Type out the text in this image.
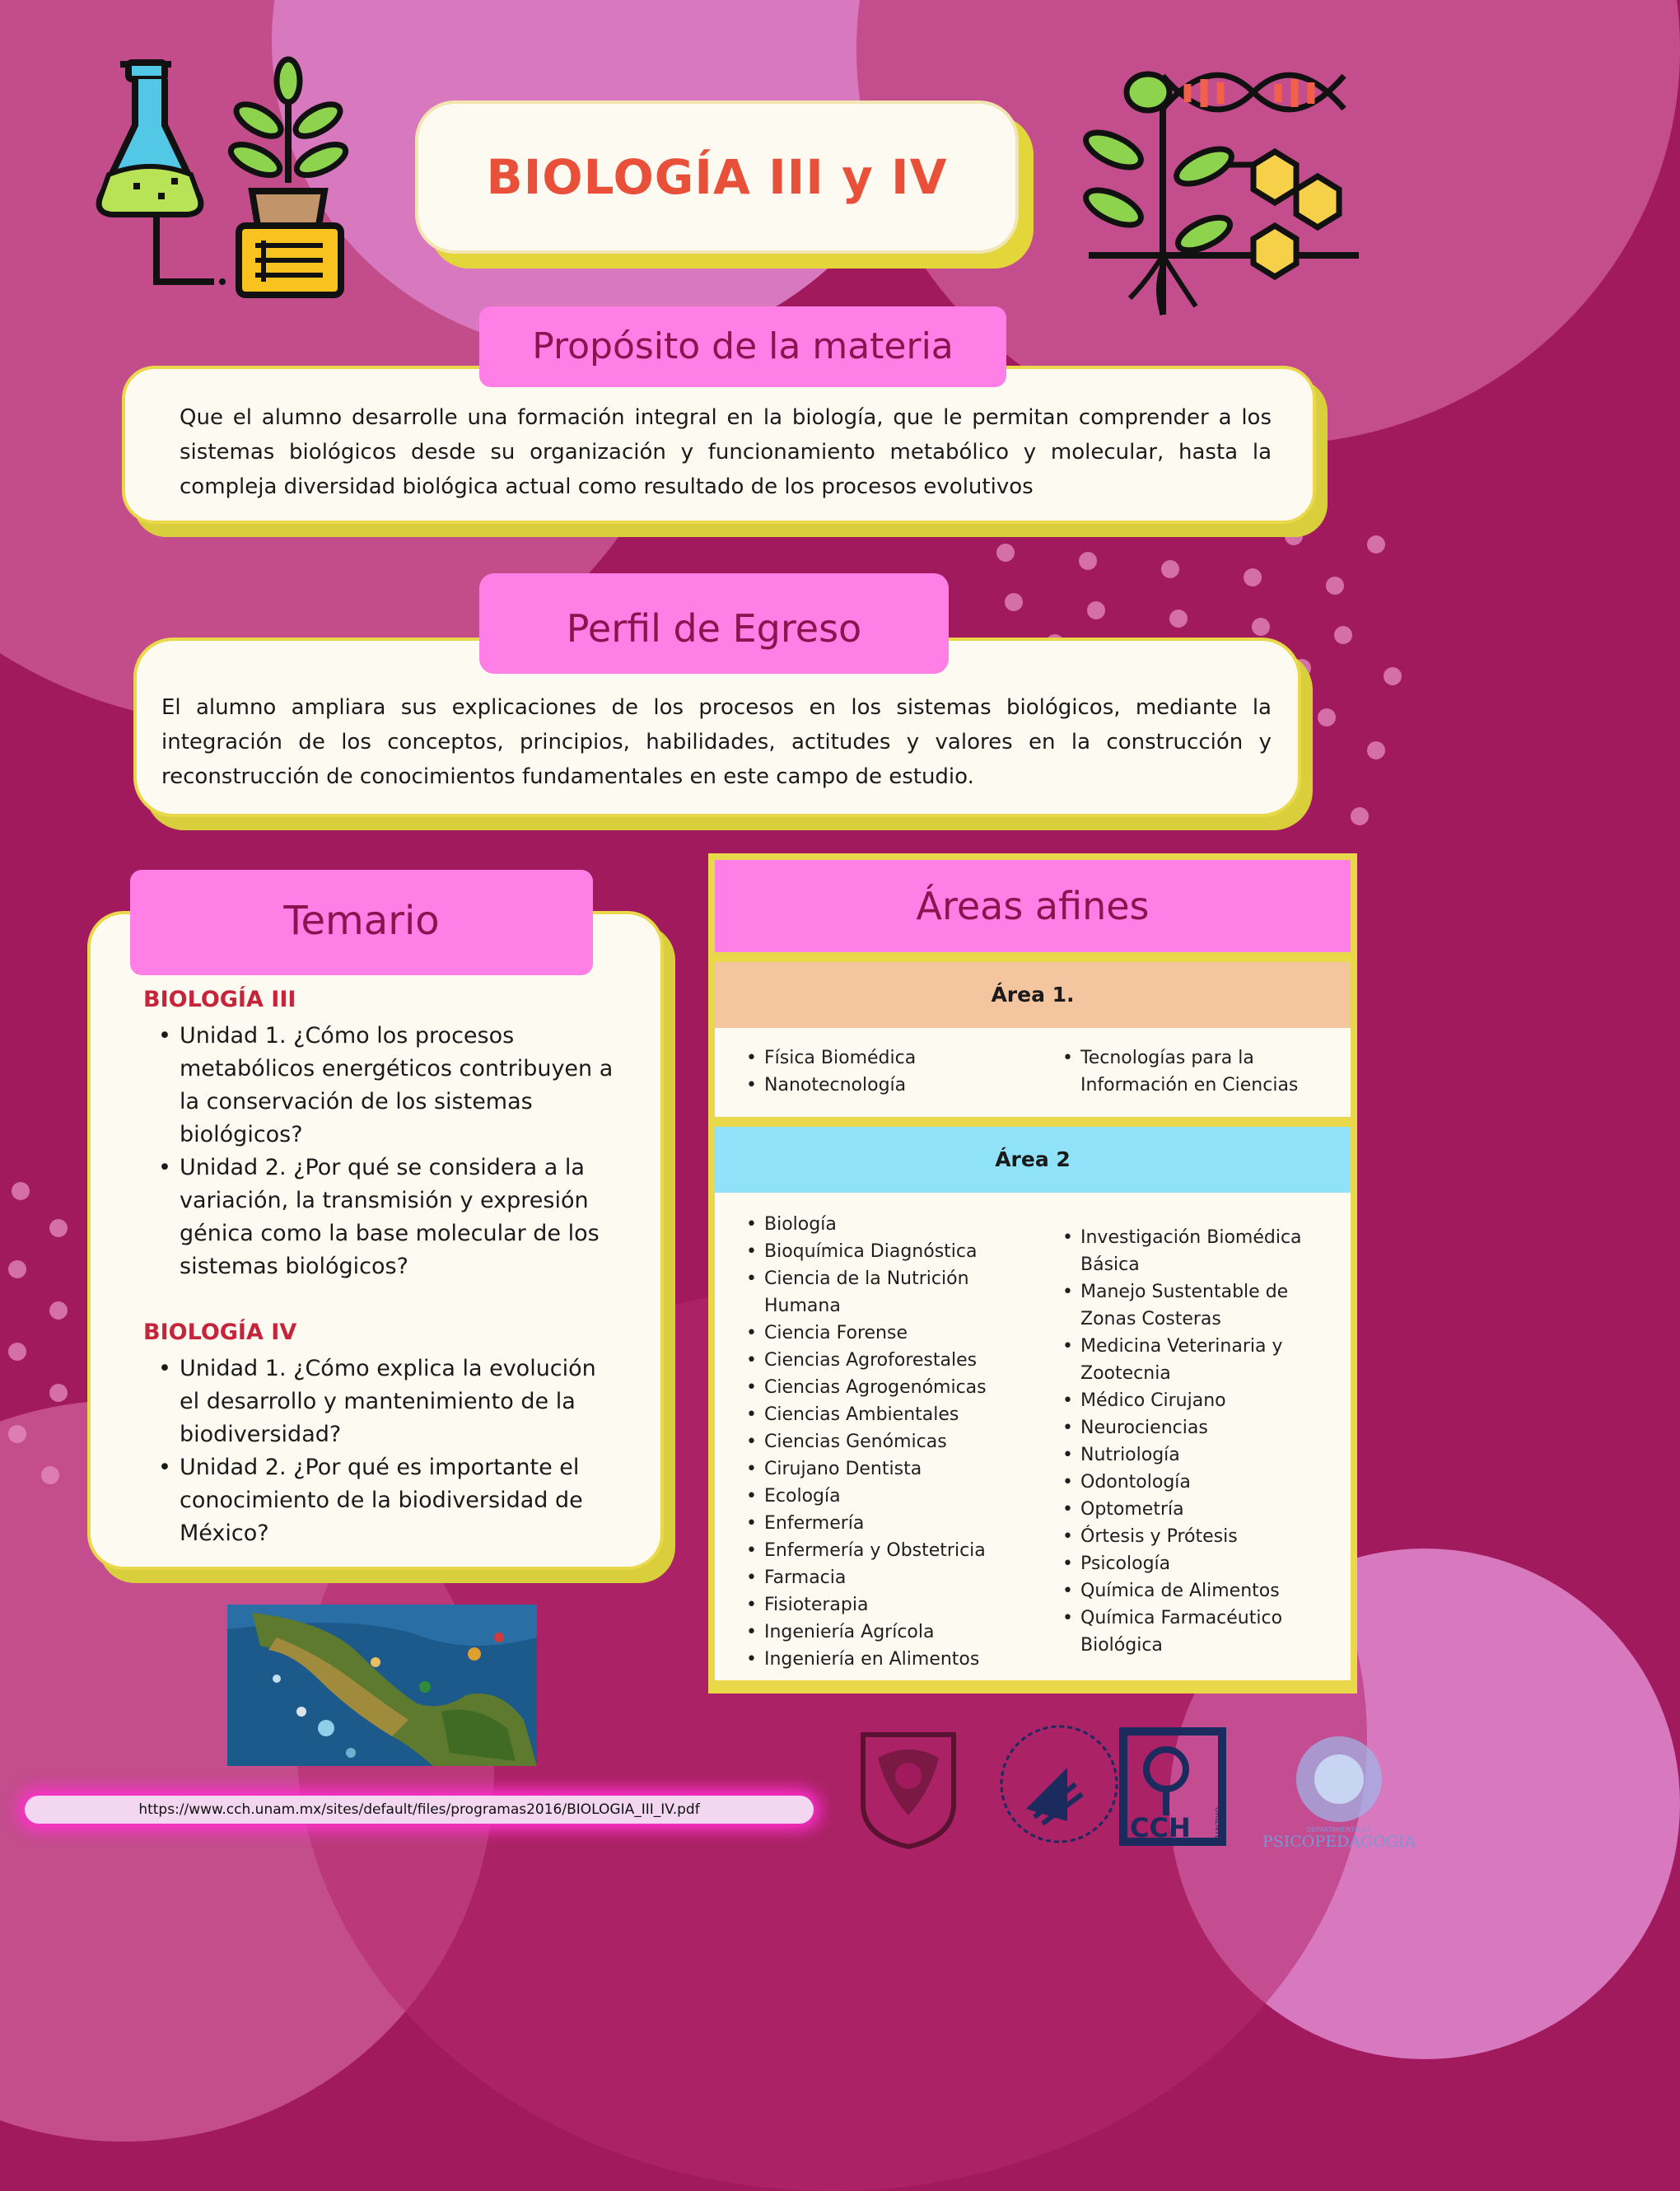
BIOLOGÍA III y IV
Propósito de la materia

Que el alumno desarrolle una formación integral en la biología, que le permitan comprender a los sistemas biológicos desde su organización y funcionamiento metabólico y molecular, hasta la compleja diversidad biológica actual como resultado de los procesos evolutivos

Perfil de Egreso

El alumno ampliara sus explicaciones de los procesos en los sistemas biológicos, mediante la integración de los conceptos, principios, habilidades, actitudes y valores en la construcción y reconstrucción de conocimientos fundamentales en este campo de estudio.

Temario
BIOLOGÍA III
• Unidad 1. ¿Cómo los procesos metabólicos energéticos contribuyen a la conservación de los sistemas biológicos?
• Unidad 2. ¿Por qué se considera a la variación, la transmisión y expresión génica como la base molecular de los sistemas biológicos?
BIOLOGÍA IV
• Unidad 1. ¿Cómo explica la evolución el desarrollo y mantenimiento de la biodiversidad?
• Unidad 2. ¿Por qué es importante el conocimiento de la biodiversidad de México?
https://www.cch.unam.mx/sites/default/files/programas2016/BIOLOGIA_III_IV.pdf
Áreas afines
Área 1.
• Física Biomédica
• Nanotecnología
• Tecnologías para la Información en Ciencias
Área 2
• Biología
• Bioquímica Diagnóstica
• Ciencia de la Nutrición Humana
• Ciencia Forense
• Ciencias Agroforestales
• Ciencias Agrogenómicas
• Ciencias Ambientales
• Ciencias Genómicas
• Cirujano Dentista
• Ecología
• Enfermería
• Enfermería y Obstetricia
• Farmacia
• Fisioterapia
• Ingeniería Agrícola
• Ingeniería en Alimentos
• Investigación Biomédica Básica
• Manejo Sustentable de Zonas Costeras
• Medicina Veterinaria y Zootecnia
• Médico Cirujano
• Neurociencias
• Nutriología
• Odontología
• Optometría
• Órtesis y Prótesis
• Psicología
• Química de Alimentos
• Química Farmacéutico Biológica
CCH	ORIENTE	DEPARTAMENTO DE
PSICOPEDAGOGIA
